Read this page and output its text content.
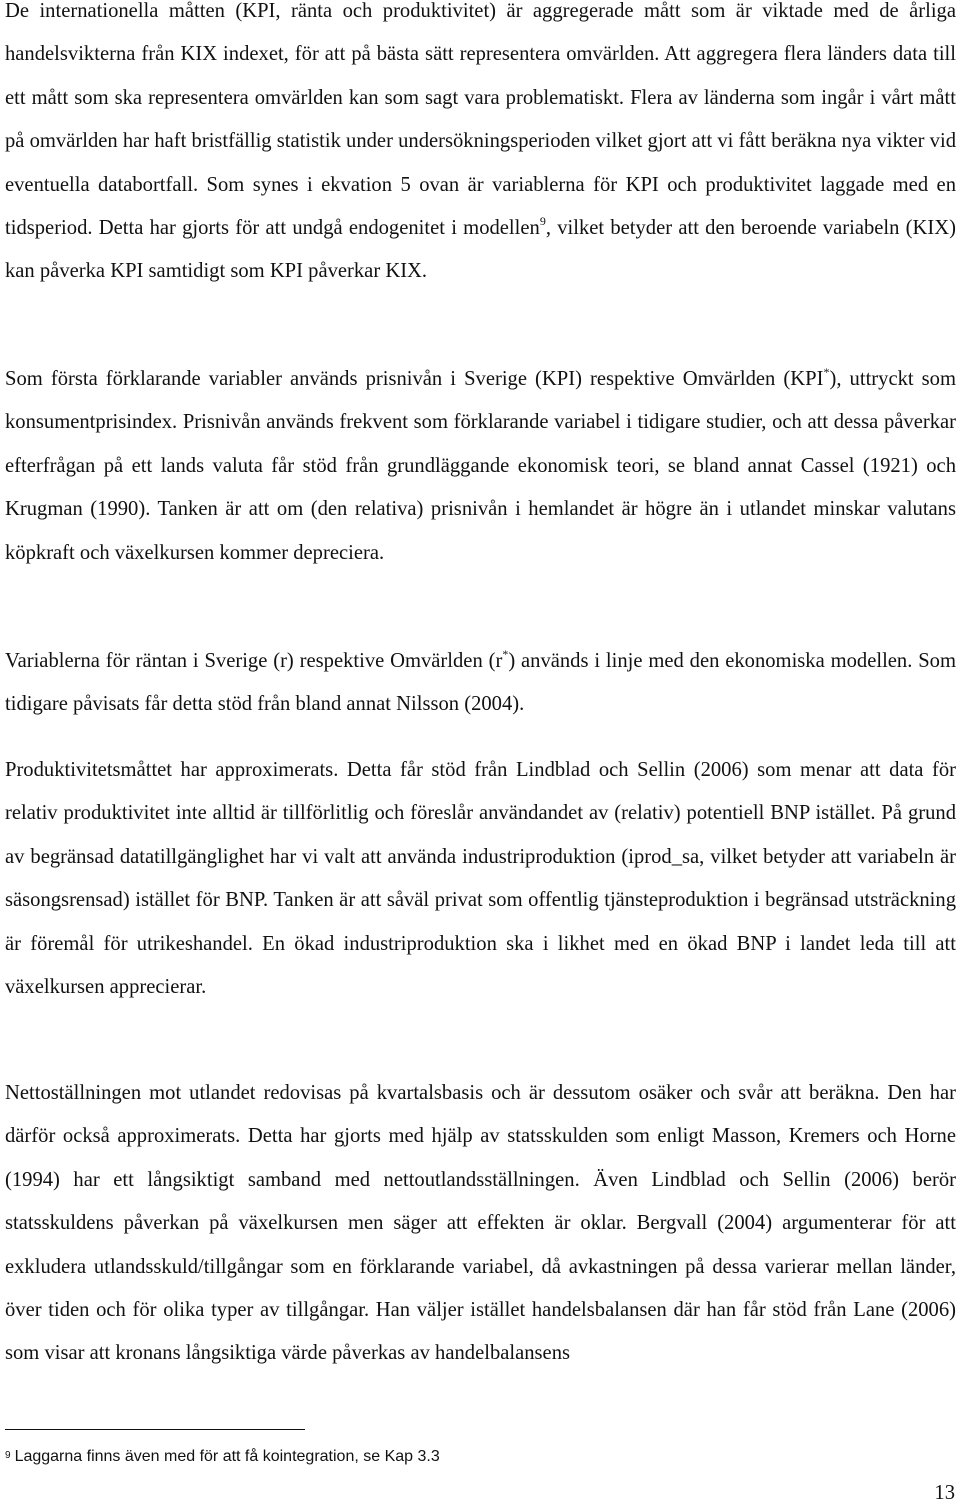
De internationella måtten (KPI, ränta och produktivitet) är aggregerade mått som är viktade med de årliga handelsvikterna från KIX indexet, för att på bästa sätt representera omvärlden. Att aggregera flera länders data till ett mått som ska representera omvärlden kan som sagt vara problematiskt. Flera av länderna som ingår i vårt mått på omvärlden har haft bristfällig statistik under undersökningsperioden vilket gjort att vi fått beräkna nya vikter vid eventuella databortfall. Som synes i ekvation 5 ovan är variablerna för KPI och produktivitet laggade med en tidsperiod. Detta har gjorts för att undgå endogenitet i modellen$^9$, vilket betyder att den beroende variabeln (KIX) kan påverka KPI samtidigt som KPI påverkar KIX.

Som första förklarande variabler används prisnivån i Sverige (KPI) respektive Omvärlden (KPI*), uttryckt som konsumentprisindex. Prisnivån används frekvent som förklarande variabel i tidigare studier, och att dessa påverkar efterfrågan på ett lands valuta får stöd från grundläggande ekonomisk teori, se bland annat Cassel (1921) och Krugman (1990). Tanken är att om (den relativa) prisnivån i hemlandet är högre än i utlandet minskar valutans köpkraft och växelkursen kommer depreciera.

Variablerna för räntan i Sverige (r) respektive Omvärlden (r*) används i linje med den ekonomiska modellen. Som tidigare påvisats får detta stöd från bland annat Nilsson (2004).

Produktivitetsmåttet har approximerats. Detta får stöd från Lindblad och Sellin (2006) som menar att data för relativ produktivitet inte alltid är tillförlitlig och föreslår användandet av (relativ) potentiell BNP istället. På grund av begränsad datatillgänglighet har vi valt att använda industriproduktion (iprod_sa, vilket betyder att variabeln är säsongsrensad) istället för BNP. Tanken är att såväl privat som offentlig tjänsteproduktion i begränsad utsträckning är föremål för utrikeshandel. En ökad industriproduktion ska i likhet med en ökad BNP i landet leda till att växelkursen apprecierar.

Nettoställningen mot utlandet redovisas på kvartalsbasis och är dessutom osäker och svår att beräkna. Den har därför också approximerats. Detta har gjorts med hjälp av statsskulden som enligt Masson, Kremers och Horne (1994) har ett långsiktigt samband med nettoutlandsställningen. Även Lindblad och Sellin (2006) berör statsskuldens påverkan på växelkursen men säger att effekten är oklar. Bergvall (2004) argumenterar för att exkludera utlandsskuld/tillgångar som en förklarande variabel, då avkastningen på dessa varierar mellan länder, över tiden och för olika typer av tillgångar. Han väljer istället handelsbalansen där han får stöd från Lane (2006) som visar att kronans långsiktiga värde påverkas av handelbalansens

$^9$ Laggarna finns även med för att få kointegration, se Kap 3.3
13
